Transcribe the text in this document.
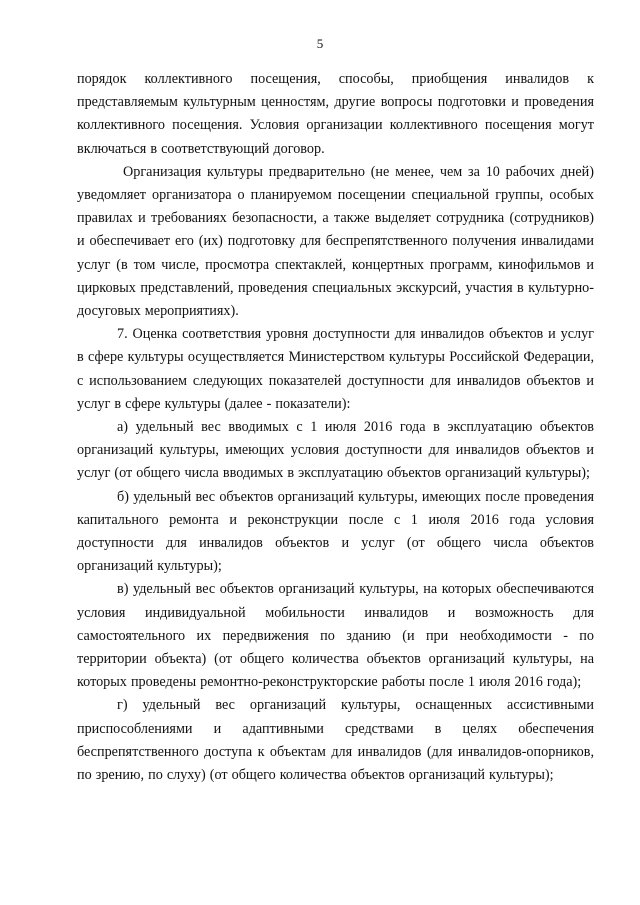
5

порядок коллективного посещения, способы, приобщения инвалидов к представляемым культурным ценностям, другие вопросы подготовки и проведения коллективного посещения. Условия организации коллективного посещения могут включаться в соответствующий договор.

Организация культуры предварительно (не менее, чем за 10 рабочих дней) уведомляет организатора о планируемом посещении специальной группы, особых правилах и требованиях безопасности, а также выделяет сотрудника (сотрудников) и обеспечивает его (их) подготовку для беспрепятственного получения инвалидами услуг (в том числе, просмотра спектаклей, концертных программ, кинофильмов и цирковых представлений, проведения специальных экскурсий, участия в культурно-досуговых мероприятиях).

7. Оценка соответствия уровня доступности для инвалидов объектов и услуг в сфере культуры осуществляется Министерством культуры Российской Федерации, с использованием следующих показателей доступности для инвалидов объектов и услуг в сфере культуры (далее - показатели):

а) удельный вес вводимых с 1 июля 2016 года в эксплуатацию объектов организаций культуры, имеющих условия доступности для инвалидов объектов и услуг (от общего числа вводимых в эксплуатацию объектов организаций культуры);

б) удельный вес объектов организаций культуры, имеющих после проведения капитального ремонта и реконструкции после с 1 июля 2016 года условия доступности для инвалидов объектов и услуг (от общего числа объектов организаций культуры);

в) удельный вес объектов организаций культуры, на которых обеспечиваются условия индивидуальной мобильности инвалидов и возможность для самостоятельного их передвижения по зданию (и при необходимости - по территории объекта) (от общего количества объектов организаций культуры, на которых проведены ремонтно-реконструкторские работы после 1 июля 2016 года);

г) удельный вес организаций культуры, оснащенных ассистивными приспособлениями и адаптивными средствами в целях обеспечения беспрепятственного доступа к объектам для инвалидов (для инвалидов-опорников, по зрению, по слуху) (от общего количества объектов организаций культуры);
